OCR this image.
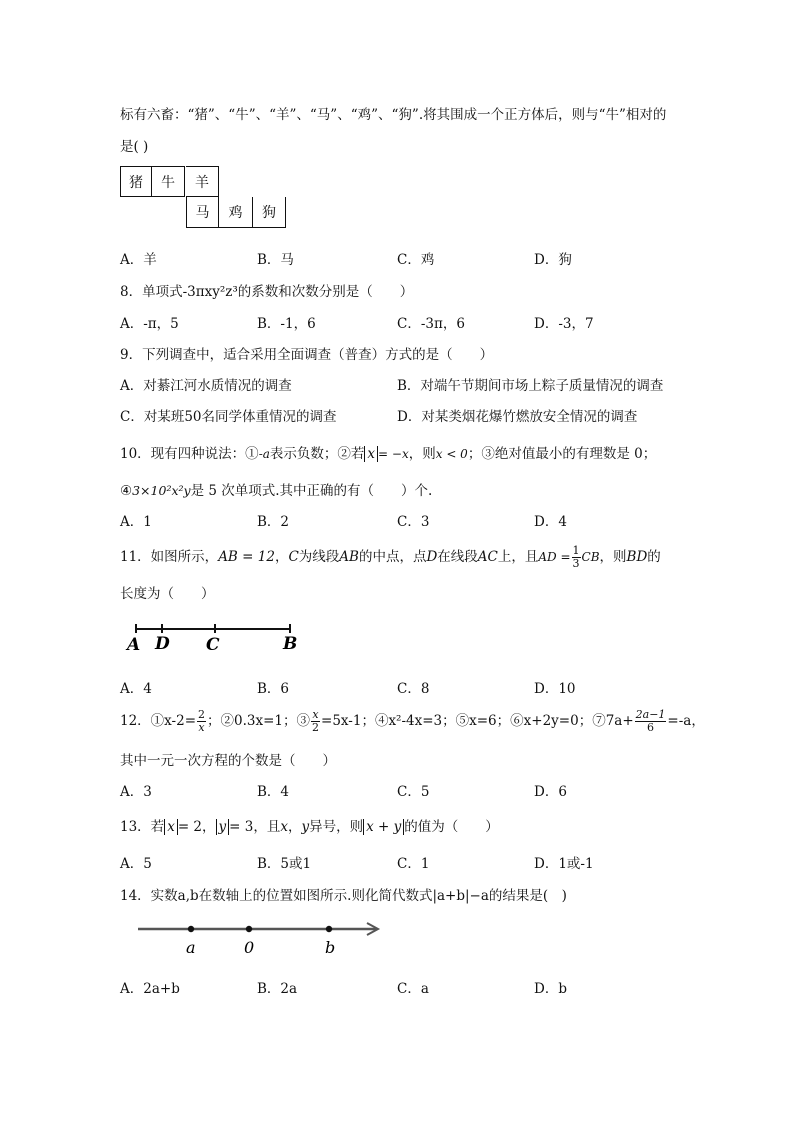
标有六畜：“猪”、“牛”、“羊”、“马”、“鸡”、“狗”.将其围成一个正方体后，则与“牛”相对的
是( )
猪	牛	羊
马	鸡	狗
A．羊	B．马	C．鸡	D．狗
8．单项式-3πxy²z³的系数和次数分别是（　　）
A．-π，5	B．-1，6	C．-3π，6	D．-3，7
9．下列调查中，适合采用全面调查（普查）方式的是（　　）
A．对綦江河水质情况的调查	B．对端午节期间市场上粽子质量情况的调查
C．对某班50名同学体重情况的调查	D．对某类烟花爆竹燃放安全情况的调查
10．现有四种说法：①-a表示负数；②若 x = −x，则x < 0；③绝对值最小的有理数是 0；
④3×10²x²y是 5 次单项式.其中正确的有（　　）个.
A．1	B．2	C．3	D．4
11．如图所示，AB = 12，C为线段AB的中点，点D在线段AC上，且AD = $\frac{1}{3}$ CB，则BD的
长度为（　　）
A D C	B
A．4	B．6	C．8	D．10
12．①x-2= $\frac{2}{x}$ ；②0.3x=1；③ $\frac{x}{2} =5x-1$；④x²-4x=3；⑤x=6；⑥x+2y=0；⑦7a+ $\frac{2a-1}{6} =-a$，
其中一元一次方程的个数是（　　）
A．3	B．4	C．5	D．6
13．若 x = 2， y = 3，且x，y异号，则 x + y 的值为（　　）
A．5	B．5或1	C．1	D．1或-1
14．实数a,b在数轴上的位置如图所示.则化简代数式|a+b|−a的结果是(　)
a	0	b
A．2a+b	B．2a	C．a	D．b
